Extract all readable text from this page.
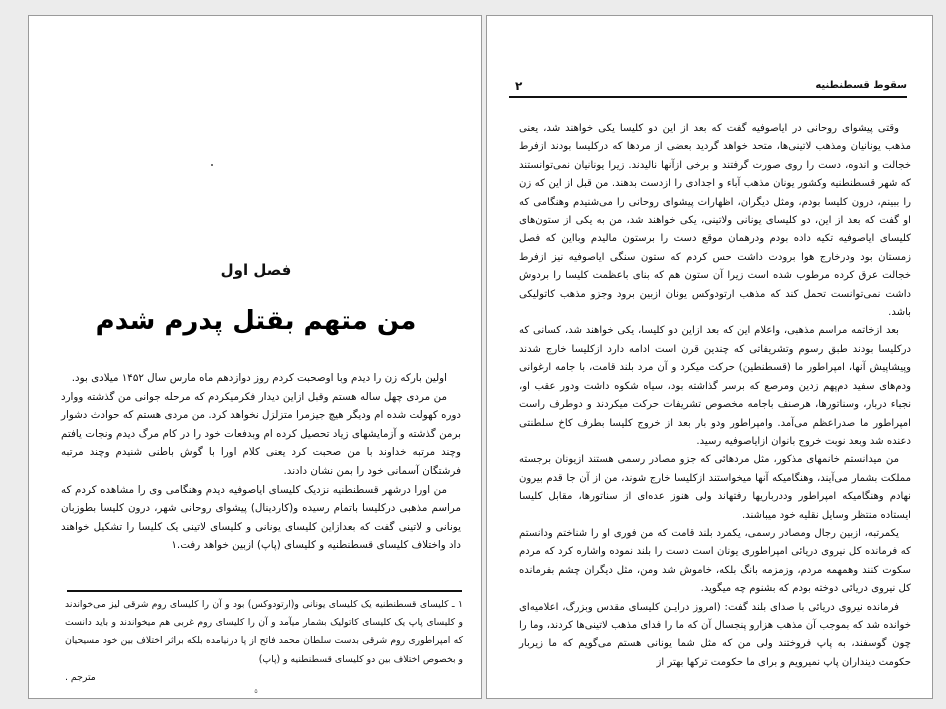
فصل اول
من متهم بقتل پدرم شدم

اولین بارکه زن را دیدم وبا اوصحبت کردم روز دوازدهم ماه مارس سال ۱۴۵۲ میلادی بود.

من مردی چهل ساله هستم وقبل ازاین دیدار فکرمیکردم که مرحله جوانی من گذشته ووارد دوره کهولت شده ام ودیگر هیچ جیزمرا متزلزل نخواهد کرد. من مردی هستم که حوادث دشوار برمن گذشته و آزمایشهای زیاد تحصیل کرده ام وبدفعات خود را در کام مرگ دیدم ونجات یافتم وچند مرتبه خداوند با من صحبت کرد یعنی کلام اورا با گوش باطنی شنیدم وچند مرتبه فرشتگان آسمانی خود را بمن نشان دادند.

من اورا درشهر قسطنطنیه نزدیک کلیسای ایاصوفیه دیدم وهنگامی وی را مشاهده کردم که مراسم مذهبی درکلیسا باتمام رسیده و(کاردینال) پیشوای روحانی شهر، درون کلیسا بطوزبان یونانی و لاتینی گفت که بعدازاین کلیسای یونانی و کلیسای لاتینی یک کلیسا را تشکیل خواهند داد واختلاف کلیسای قسطنطنیه و کلیسای (پاپ) ازبین خواهد رفت.۱

۱ ـ کلیسای قسطنطنیه یک کلیسای یونانی و(ارتودوکس) بود و آن را کلیسای روم شرقی لیز می‌خواندند و کلیسای پاپ یک کلیسای کاتولیک بشمار میآمد و آن را کلیسای روم غربی هم میخواندند و باید دانست که امپراطوری روم شرقی بدست سلطان محمد فاتح از پا درنیامده بلکه براثر اختلاف بین خود مسیحیان و بخصوص اختلاف بین دو کلیسای قسطنطنیه و (پاپ)

مترجم .

۵
سقوط قسطنطنیه
۲

وقتی پیشوای روحانی در ایاصوفیه گفت که بعد از این دو کلیسا یکی خواهند شد، یعنی مذهب یونانیان ومذهب لاتینی‌ها، متحد خواهد گردید بعضی از مردها که درکلیسا بودند ازفرط خجالت و اندوه، دست را روی صورت گرفتند و برخی ازآنها نالیدند. زیرا یونانیان نمی‌توانستند که شهر قسطنطنیه وکشور یونان مذهب آباء و اجدادی را ازدست بدهند. من قبل از این که زن را ببینم، درون کلیسا بودم، ومثل دیگران، اظهارات پیشوای روحانی را می‌شنیدم وهنگامی که او گفت که بعد از این، دو کلیسای یونانی ولاتینی، یکی خواهند شد، من به یکی از ستون‌های کلیسای ایاصوفیه تکیه داده بودم ودرهمان موقع دست را برستون مالیدم وبااین که فصل زمستان بود ودرخارج هوا برودت داشت حس کردم که ستون سنگی ایاصوفیه نیز ازفرط خجالت عرق کرده مرطوب شده است زیرا آن ستون هم که بنای باعظمت کلیسا را بردوش داشت نمی‌توانست تحمل کند که مذهب ارتودوکس یونان ازبین برود وجزو مذهب کاتولیکی باشد.

بعد ازخاتمه مراسم مذهبی، واعلام این که بعد ازاین دو کلیسا، یکی خواهند شد، کسانی که درکلیسا بودند طبق رسوم وتشریفاتی که چندین قرن است ادامه دارد ازکلیسا خارج شدند وپیشاپیش آنها، امپراطور ما (قسطنطین) حرکت میکرد و آن مرد بلند قامت، با جامه ارغوانی ودم‌های سفید دم‌پهم زدین ومرصع که برسر گذاشته بود، سیاه شکوه داشت ودور عقب او، نجباء دربار، وسناتورها، هرصنف باجامه مخصوص تشریفات حرکت میکردند و دوطرف راست امپراطور ما صدراعظم می‌آمد. وامپراطور ودو بار بعد از خروج کلیسا بطرف کاخ سلطنتی دعنده شد وبعد نوبت خروج بانوان ازایاصوفیه رسید.

من میدانستم خانمهای مذکور، مثل مردهائی که جزو مصادر رسمی هستند ازیونان برجسته مملکت بشمار می‌آیند، وهنگامیکه آنها میخواستند ازکلیسا خارج شوند، من از آن جا قدم بیرون نهادم وهنگامیکه امپراطور وددرباریها رفتهاند ولی هنوز عده‌ای از سناتورها، مقابل کلیسا ایستاده منتظر وسایل نقلیه خود میباشند.

یکمرتبه، ازبین رجال ومصادر رسمی، یکمرد بلند قامت که من فوری او را شناختم ودانستم که فرمانده کل نیروی دریائی امپراطوری یونان است دست را بلند نموده واشاره کرد که مردم سکوت کنند وهمهمه مردم، وزمزمه بانگ بلکه، خاموش شد ومن، مثل دیگران چشم بفرمانده کل نیروی دریائی دوخته بودم که بشنوم چه میگوید.

فرمانده نیروی دریائی با صدای بلند گفت: (امروز درایـن کلیسای مقدس وبزرگ، اعلامیه‌ای خوانده شد که بموجب آن مذهب هزارو پنجسال آن که ما را فدای مذهب لاتینی‌ها کردند، وما را چون گوسفند، به پاپ فروختند ولی من که مثل شما یونانی هستم می‌گویم که ما زیربار حکومت دینداران پاپ نمیرویم و برای ما حکومت ترکها بهتر از
